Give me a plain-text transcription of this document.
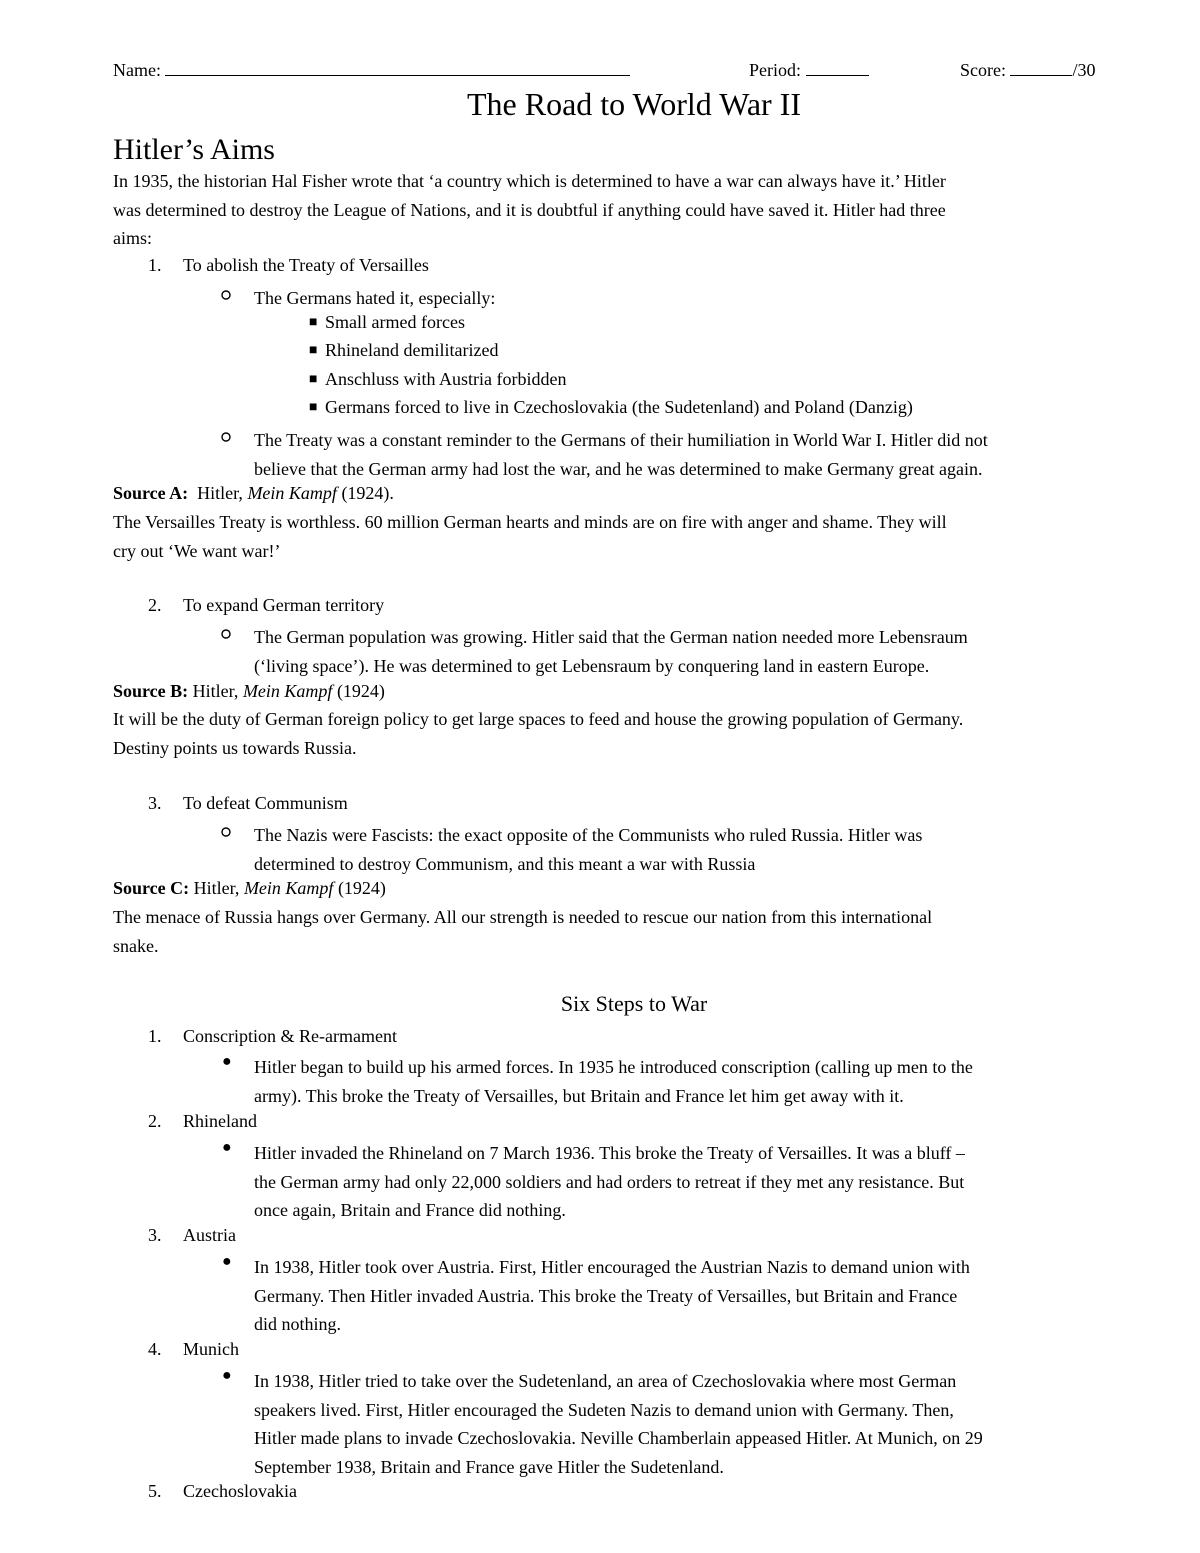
Name:	Period:	Score:	/30
The Road to World War II
Hitler’s Aims
In 1935, the historian Hal Fisher wrote that ‘a country which is determined to have a war can always have it.’ Hitler
was determined to destroy the League of Nations, and it is doubtful if anything could have saved it. Hitler had three
aims:
1. To abolish the Treaty of Versailles
The Germans hated it, especially:
■ Small armed forces
■ Rhineland demilitarized
■ Anschluss with Austria forbidden
■ Germans forced to live in Czechoslovakia (the Sudetenland) and Poland (Danzig)
The Treaty was a constant reminder to the Germans of their humiliation in World War I. Hitler did not
believe that the German army had lost the war, and he was determined to make Germany great again.
Source A:  Hitler, Mein Kampf (1924).
The Versailles Treaty is worthless. 60 million German hearts and minds are on fire with anger and shame. They will
cry out ‘We want war!’
2. To expand German territory
The German population was growing. Hitler said that the German nation needed more Lebensraum
(‘living space’). He was determined to get Lebensraum by conquering land in eastern Europe.
Source B: Hitler, Mein Kampf (1924)
It will be the duty of German foreign policy to get large spaces to feed and house the growing population of Germany.
Destiny points us towards Russia.
3. To defeat Communism
The Nazis were Fascists: the exact opposite of the Communists who ruled Russia. Hitler was
determined to destroy Communism, and this meant a war with Russia
Source C: Hitler, Mein Kampf (1924)
The menace of Russia hangs over Germany. All our strength is needed to rescue our nation from this international
snake.
Six Steps to War
1. Conscription & Re-armament
● Hitler began to build up his armed forces. In 1935 he introduced conscription (calling up men to the
army). This broke the Treaty of Versailles, but Britain and France let him get away with it.
2. Rhineland
● Hitler invaded the Rhineland on 7 March 1936. This broke the Treaty of Versailles. It was a bluff –
the German army had only 22,000 soldiers and had orders to retreat if they met any resistance. But
once again, Britain and France did nothing.
3. Austria
● In 1938, Hitler took over Austria. First, Hitler encouraged the Austrian Nazis to demand union with
Germany. Then Hitler invaded Austria. This broke the Treaty of Versailles, but Britain and France
did nothing.
4. Munich
● In 1938, Hitler tried to take over the Sudetenland, an area of Czechoslovakia where most German
speakers lived. First, Hitler encouraged the Sudeten Nazis to demand union with Germany. Then,
Hitler made plans to invade Czechoslovakia. Neville Chamberlain appeased Hitler. At Munich, on 29
September 1938, Britain and France gave Hitler the Sudetenland.
5. Czechoslovakia
